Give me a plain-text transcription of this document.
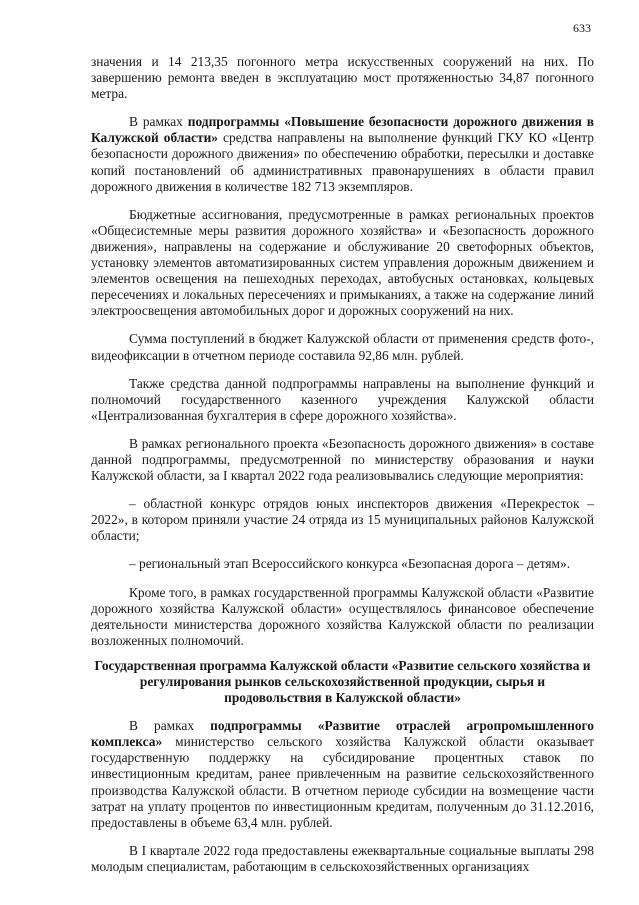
633

значения и 14 213,35 погонного метра искусственных сооружений на них. По завершению ремонта введен в эксплуатацию мост протяженностью 34,87 погонного метра.

В рамках подпрограммы «Повышение безопасности дорожного движения в Калужской области» средства направлены на выполнение функций ГКУ КО «Центр безопасности дорожного движения» по обеспечению обработки, пересылки и доставке копий постановлений об административных правонарушениях в области правил дорожного движения в количестве 182 713 экземпляров.

Бюджетные ассигнования, предусмотренные в рамках региональных проектов «Общесистемные меры развития дорожного хозяйства» и «Безопасность дорожного движения», направлены на содержание и обслуживание 20 светофорных объектов, установку элементов автоматизированных систем управления дорожным движением и элементов освещения на пешеходных переходах, автобусных остановках, кольцевых пересечениях и локальных пересечениях и примыканиях, а также на содержание линий электроосвещения автомобильных дорог и дорожных сооружений на них.

Сумма поступлений в бюджет Калужской области от применения средств фото-, видеофиксации в отчетном периоде составила 92,86 млн. рублей.

Также средства данной подпрограммы направлены на выполнение функций и полномочий государственного казенного учреждения Калужской области «Централизованная бухгалтерия в сфере дорожного хозяйства».

В рамках регионального проекта «Безопасность дорожного движения» в составе данной подпрограммы, предусмотренной по министерству образования и науки Калужской области, за I квартал 2022 года реализовывались следующие мероприятия:

– областной конкурс отрядов юных инспекторов движения «Перекресток – 2022», в котором приняли участие 24 отряда из 15 муниципальных районов Калужской области;

– региональный этап Всероссийского конкурса «Безопасная дорога – детям».

Кроме того, в рамках государственной программы Калужской области «Развитие дорожного хозяйства Калужской области» осуществлялось финансовое обеспечение деятельности министерства дорожного хозяйства Калужской области по реализации возложенных полномочий.

Государственная программа Калужской области «Развитие сельского хозяйства и регулирования рынков сельскохозяйственной продукции, сырья и продовольствия в Калужской области»

В рамках подпрограммы «Развитие отраслей агропромышленного комплекса» министерство сельского хозяйства Калужской области оказывает государственную поддержку на субсидирование процентных ставок по инвестиционным кредитам, ранее привлеченным на развитие сельскохозяйственного производства Калужской области. В отчетном периоде субсидии на возмещение части затрат на уплату процентов по инвестиционным кредитам, полученным до 31.12.2016, предоставлены в объеме 63,4 млн. рублей.

В I квартале 2022 года предоставлены ежеквартальные социальные выплаты 298 молодым специалистам, работающим в сельскохозяйственных организациях
